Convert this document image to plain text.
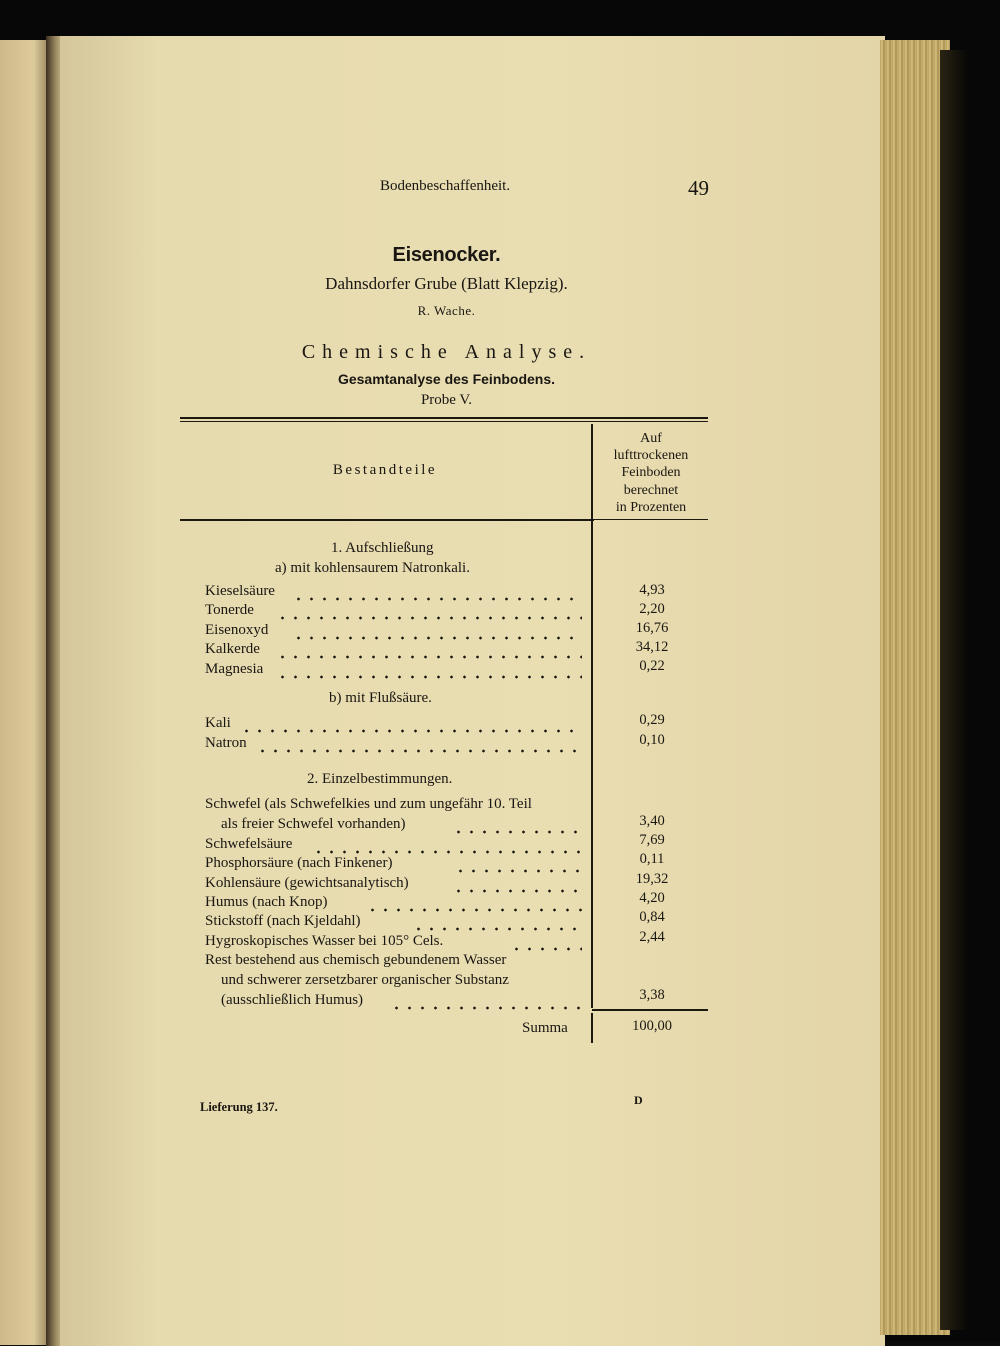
Bodenbeschaffenheit.	49
Eisenocker.
Dahnsdorfer Grube (Blatt Klepzig).
R. Wache.
Chemische Analyse.
Gesamtanalyse des Feinbodens.
Probe V.
Bestandteile
Auf
lufttrockenen
Feinboden
berechnet
in Prozenten
1. Aufschließung
a) mit kohlensaurem Natronkali.
b) mit Flußsäure.
2. Einzelbestimmungen.
Kieselsäure	4,93
Tonerde	2,20
Eisenoxyd	16,76
Kalkerde	34,12
Magnesia	0,22
Kali	0,29
Natron	0,10
Schwefel (als Schwefelkies und zum ungefähr 10. Teil
als freier Schwefel vorhanden)	3,40
Schwefelsäure	7,69
Phosphorsäure (nach Finkener)	0,11
Kohlensäure (gewichtsanalytisch)	19,32
Humus (nach Knop)	4,20
Stickstoff (nach Kjeldahl)	0,84
Hygroskopisches Wasser bei 105° Cels.	2,44
Rest bestehend aus chemisch gebundenem Wasser
und schwerer zersetzbarer organischer Substanz
(ausschließlich Humus)	3,38
Summa	100,00
Lieferung 137.	D
